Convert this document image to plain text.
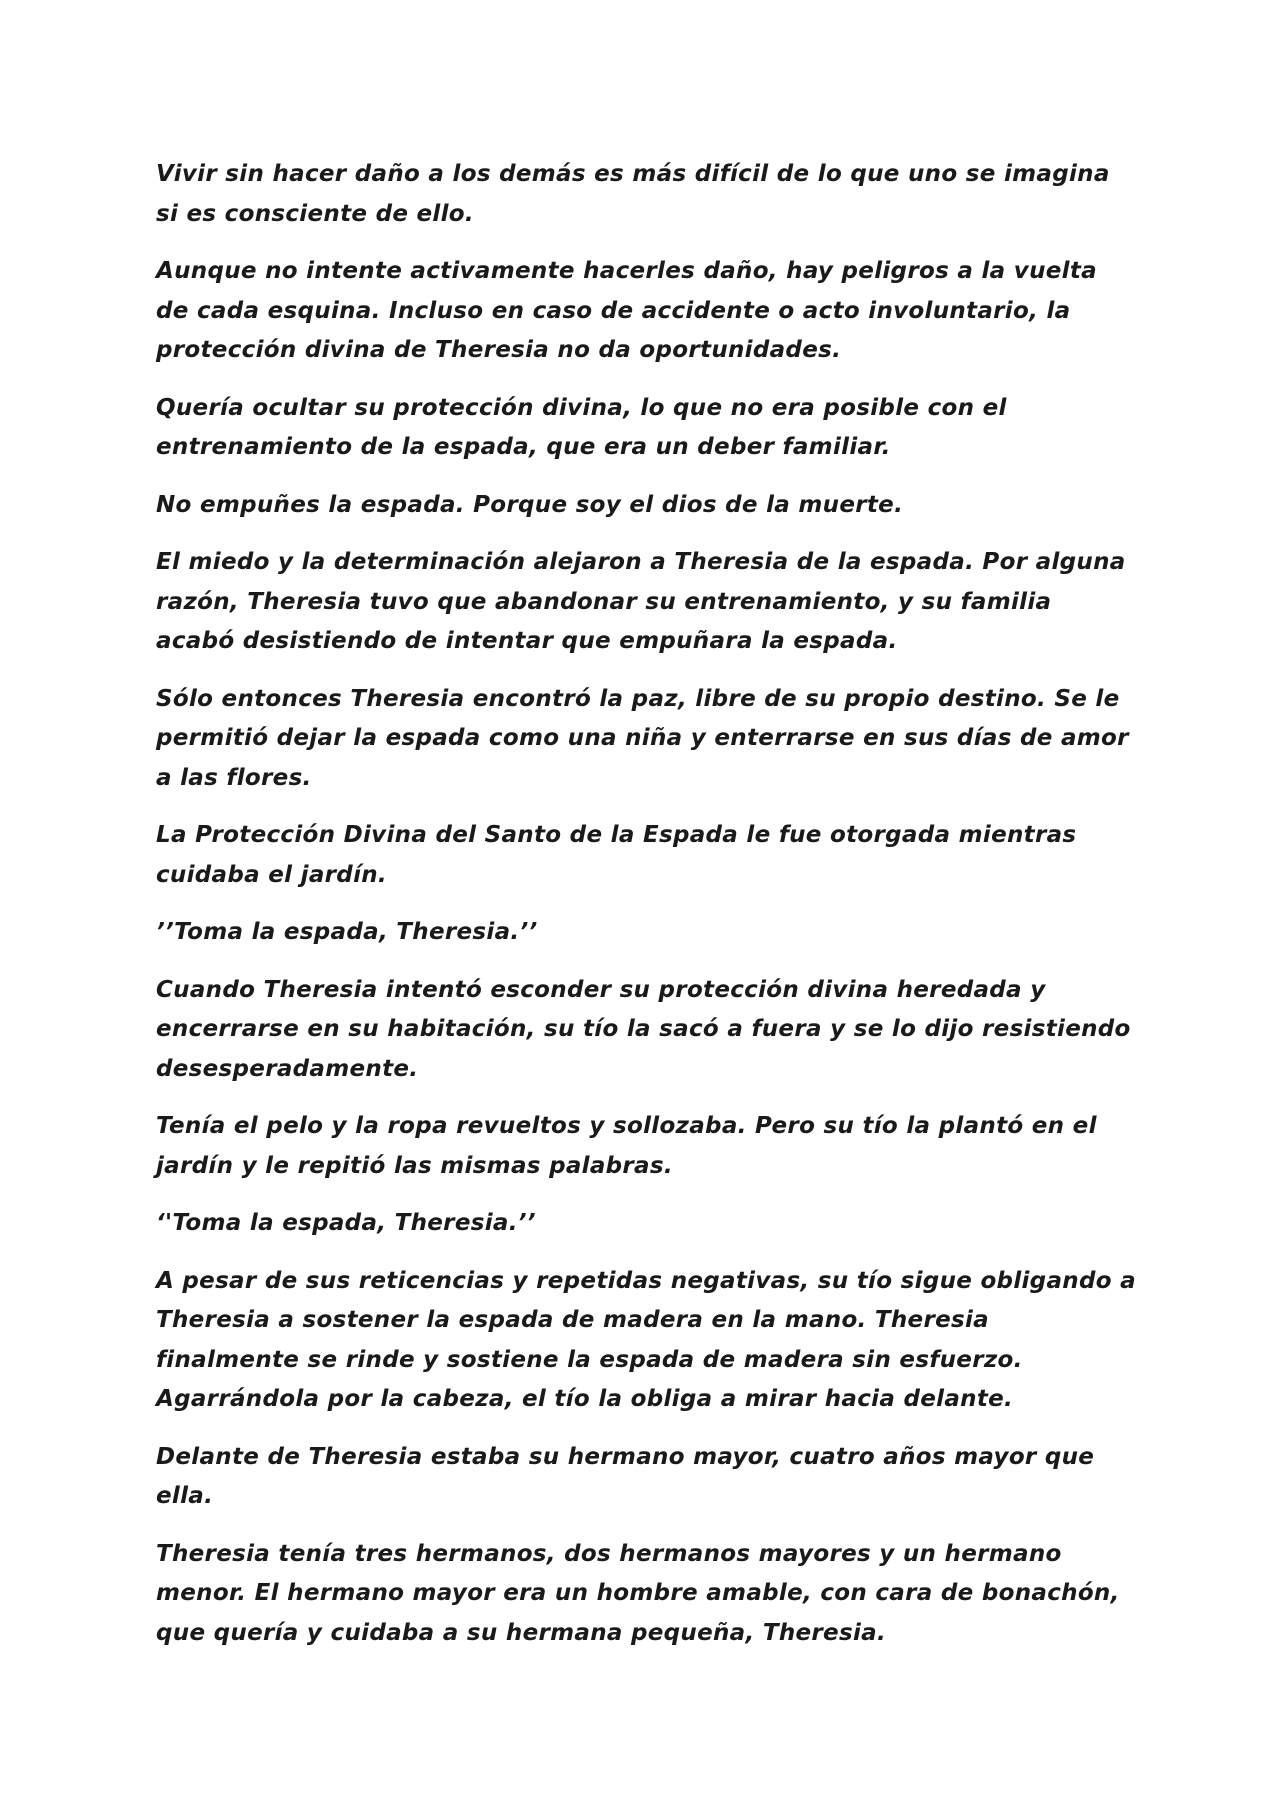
Vivir sin hacer daño a los demás es más difícil de lo que uno se imagina si es consciente de ello.

Aunque no intente activamente hacerles daño, hay peligros a la vuelta de cada esquina. Incluso en caso de accidente o acto involuntario, la protección divina de Theresia no da oportunidades.

Quería ocultar su protección divina, lo que no era posible con el entrenamiento de la espada, que era un deber familiar.

No empuñes la espada. Porque soy el dios de la muerte.

El miedo y la determinación alejaron a Theresia de la espada. Por alguna razón, Theresia tuvo que abandonar su entrenamiento, y su familia acabó desistiendo de intentar que empuñara la espada.

Sólo entonces Theresia encontró la paz, libre de su propio destino. Se le permitió dejar la espada como una niña y enterrarse en sus días de amor a las flores.

La Protección Divina del Santo de la Espada le fue otorgada mientras cuidaba el jardín.

’’Toma la espada, Theresia.’’

Cuando Theresia intentó esconder su protección divina heredada y encerrarse en su habitación, su tío la sacó a fuera y se lo dijo resistiendo desesperadamente.

Tenía el pelo y la ropa revueltos y sollozaba. Pero su tío la plantó en el jardín y le repitió las mismas palabras.

‘'Toma la espada, Theresia.’’

A pesar de sus reticencias y repetidas negativas, su tío sigue obligando a Theresia a sostener la espada de madera en la mano. Theresia finalmente se rinde y sostiene la espada de madera sin esfuerzo. Agarrándola por la cabeza, el tío la obliga a mirar hacia delante.

Delante de Theresia estaba su hermano mayor, cuatro años mayor que ella.

Theresia tenía tres hermanos, dos hermanos mayores y un hermano menor. El hermano mayor era un hombre amable, con cara de bonachón, que quería y cuidaba a su hermana pequeña, Theresia.
